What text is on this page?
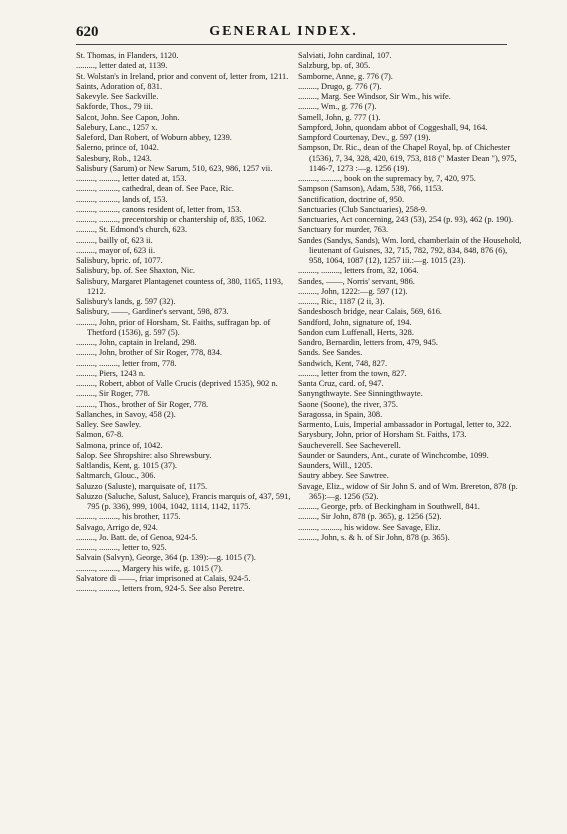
620	GENERAL INDEX.

St. Thomas, in Flanders, 1120.

........., letter dated at, 1139.

St. Wolstan's in Ireland, prior and convent of, letter from, 1211.

Saints, Adoration of, 831.

Sakevyle. See Sackville.

Sakforde, Thos., 79 iii.

Salcot, John. See Capon, John.

Salebury, Lanc., 1257 x.

Saleford, Dan Robert, of Woburn abbey, 1239.

Salerno, prince of, 1042.

Salesbury, Rob., 1243.

Salisbury (Sarum) or New Sarum, 510, 623, 986, 1257 vii.

........., ........., letter dated at, 153.

........., ........., cathedral, dean of. See Pace, Ric.

........., ........., lands of, 153.

........., ........., canons resident of, letter from, 153.

........., ........., precentorship or chantership of, 835, 1062.

........., St. Edmond's church, 623.

........., bailly of, 623 ii.

........., mayor of, 623 ii.

Salisbury, bpric. of, 1077.

Salisbury, bp. of. See Shaxton, Nic.

Salisbury, Margaret Plantagenet countess of, 380, 1165, 1193, 1212.

Salisbury's lands, g. 597 (32).

Salisbury, ——, Gardiner's servant, 598, 873.

........., John, prior of Horsham, St. Faiths, suffragan bp. of Thetford (1536), g. 597 (5).

........., John, captain in Ireland, 298.

........., John, brother of Sir Roger, 778, 834.

........., ........., letter from, 778.

........., Piers, 1243 n.

........., Robert, abbot of Valle Crucis (deprived 1535), 902 n.

........., Sir Roger, 778.

........., Thos., brother of Sir Roger, 778.

Sallanches, in Savoy, 458 (2).

Salley. See Sawley.

Salmon, 67-8.

Salmona, prince of, 1042.

Salop. See Shropshire: also Shrewsbury.

Saltlandis, Kent, g. 1015 (37).

Saltmarch, Glouc., 306.

Saluzzo (Saluste), marquisate of, 1175.

Saluzzo (Saluche, Salust, Saluce), Francis marquis of, 437, 591, 795 (p. 336), 999, 1004, 1042, 1114, 1142, 1175.

........., ........., his brother, 1175.

Salvago, Arrigo de, 924.

........., Jo. Batt. de, of Genoa, 924-5.

........., ........., letter to, 925.

Salvain (Salvyn), George, 364 (p. 139):—g. 1015 (7).

........., ........., Margery his wife, g. 1015 (7).

Salvatore di ——, friar imprisoned at Calais, 924-5.

........., ........., letters from, 924-5. See also Peretre.

Salviati, John cardinal, 107.

Salzburg, bp. of, 305.

Samborne, Anne, g. 776 (7).

........., Drugo, g. 776 (7).

........., Marg. See Windsor, Sir Wm., his wife.

........., Wm., g. 776 (7).

Samell, John, g. 777 (1).

Sampford, John, quondam abbot of Coggeshall, 94, 164.

Sampford Courtenay, Dev., g. 597 (19).

Sampson, Dr. Ric., dean of the Chapel Royal, bp. of Chichester (1536), 7, 34, 328, 420, 619, 753, 818 (" Master Dean "), 975, 1146-7, 1273 :—g. 1256 (19).

........., ........., book on the supremacy by, 7, 420, 975.

Sampson (Samson), Adam, 538, 766, 1153.

Sanctification, doctrine of, 950.

Sanctuaries (Club Sanctuaries), 258-9.

Sanctuaries, Act concerning, 243 (53), 254 (p. 93), 462 (p. 190).

Sanctuary for murder, 763.

Sandes (Sandys, Sands), Wm. lord, chamberlain of the Household, lieutenant of Guisnes, 32, 715, 782, 792, 834, 848, 876 (6), 958, 1064, 1087 (12), 1257 iii.:—g. 1015 (23).

........., ........., letters from, 32, 1064.

Sandes, ——, Norris' servant, 986.

........., John, 1222:—g. 597 (12).

........., Ric., 1187 (2 ii, 3).

Sandesbosch bridge, near Calais, 569, 616.

Sandford, John, signature of, 194.

Sandon cum Luffenall, Herts, 328.

Sandro, Bernardin, letters from, 479, 945.

Sands. See Sandes.

Sandwich, Kent, 748, 827.

........., letter from the town, 827.

Santa Cruz, card. of, 947.

Sanyngthwayte. See Sinningthwayte.

Saone (Soone), the river, 375.

Saragossa, in Spain, 308.

Sarmento, Luis, Imperial ambassador in Portugal, letter to, 322.

Sarysbury, John, prior of Horsham St. Faiths, 173.

Saucheverell. See Sacheverell.

Saunder or Saunders, Ant., curate of Winchcombe, 1099.

Saunders, Will., 1205.

Sautry abbey. See Sawtree.

Savage, Eliz., widow of Sir John S. and of Wm. Brereton, 878 (p. 365):—g. 1256 (52).

........., George, prb. of Beckingham in Southwell, 841.

........., Sir John, 878 (p. 365), g. 1256 (52).

........., ........., his widow. See Savage, Eliz.

........., John, s. & h. of Sir John, 878 (p. 365).
